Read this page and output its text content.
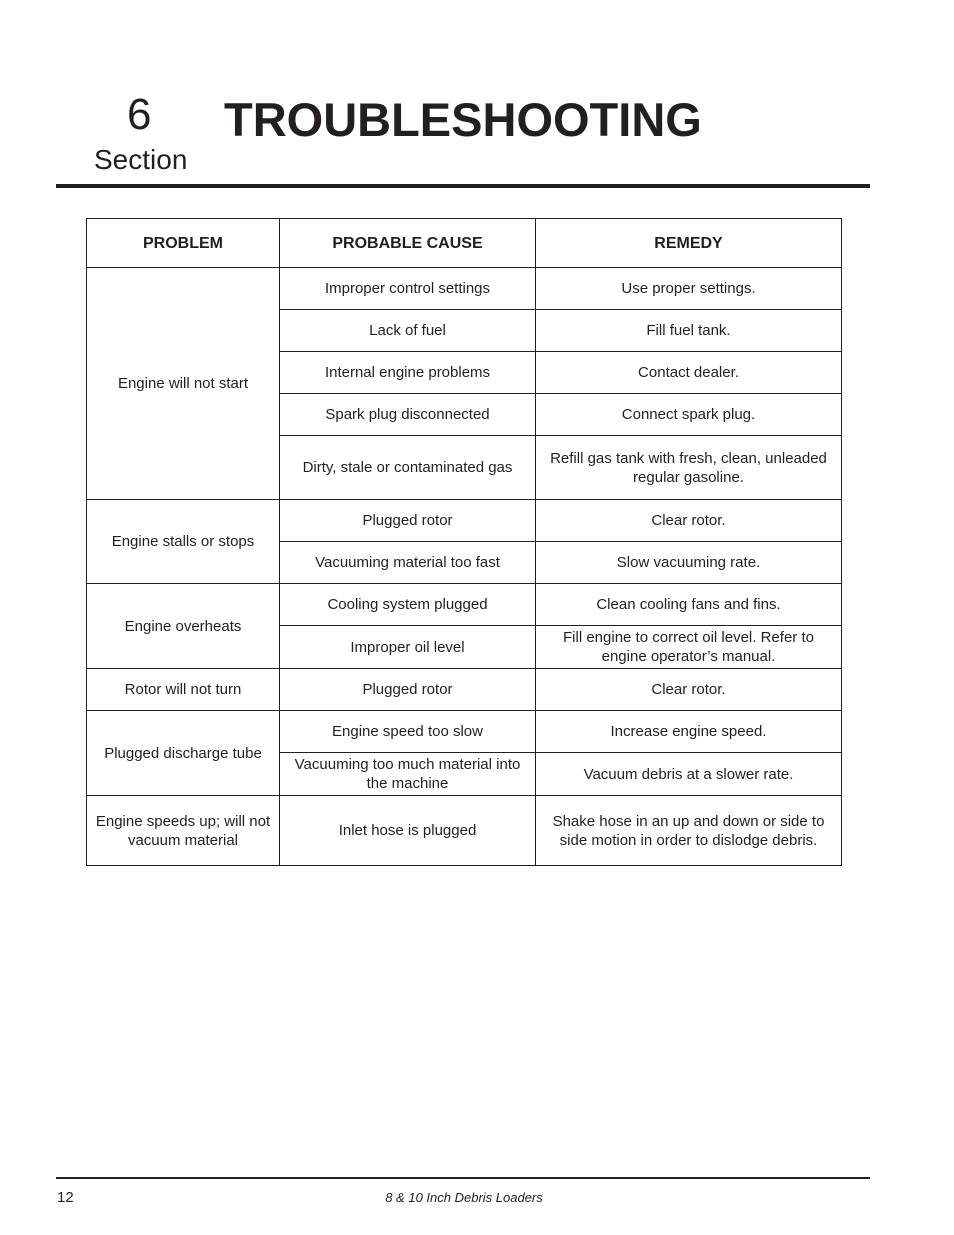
6
Section
TROUBLESHOOTING
PROBLEM	PROBABLE CAUSE	REMEDY
Engine will not start	Improper control settings	Use proper settings.
	Lack of fuel	Fill fuel tank.
	Internal engine problems	Contact dealer.
	Spark plug disconnected	Connect spark plug.
	Dirty, stale or contaminated gas	Refill gas tank with fresh, clean, unleaded regular gasoline.
Engine stalls or stops	Plugged rotor	Clear rotor.
	Vacuuming material too fast	Slow vacuuming rate.
Engine overheats	Cooling system plugged	Clean cooling fans and fins.
	Improper oil level	Fill engine to correct oil level. Refer to engine operator’s manual.
Rotor will not turn	Plugged rotor	Clear rotor.
Plugged discharge tube	Engine speed too slow	Increase engine speed.
	Vacuuming too much material into the machine	Vacuum debris at a slower rate.
Engine speeds up; will not vacuum material	Inlet hose is plugged	Shake hose in an up and down or side to side motion in order to dislodge debris.
12	8 & 10 Inch Debris Loaders
